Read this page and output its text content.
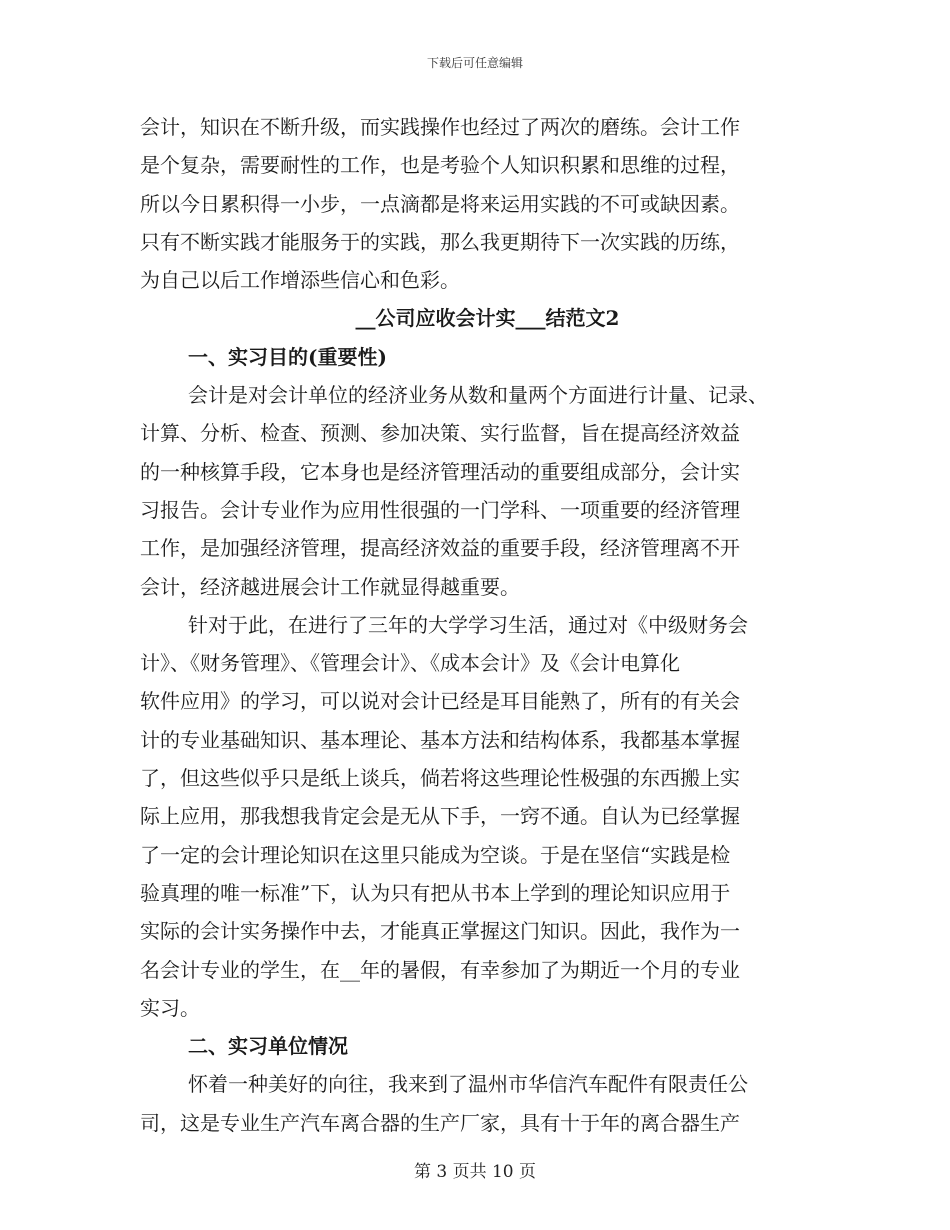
下载后可任意编辑
会计，知识在不断升级，而实践操作也经过了两次的磨练。会计工作
是个复杂，需要耐性的工作，也是考验个人知识积累和思维的过程，
所以今日累积得一小步，一点滴都是将来运用实践的不可或缺因素。
只有不断实践才能服务于的实践，那么我更期待下一次实践的历练，
为自己以后工作增添些信心和色彩。
__公司应收会计实___结范文2
一、实习目的(重要性)
会计是对会计单位的经济业务从数和量两个方面进行计量、记录、
计算、分析、检查、预测、参加决策、实行监督，旨在提高经济效益
的一种核算手段，它本身也是经济管理活动的重要组成部分，会计实
习报告。会计专业作为应用性很强的一门学科、一项重要的经济管理
工作，是加强经济管理，提高经济效益的重要手段，经济管理离不开
会计，经济越进展会计工作就显得越重要。
针对于此，在进行了三年的大学学习生活，通过对《中级财务会
计》、《财务管理》、《管理会计》、《成本会计》及《会计电算化
软件应用》的学习，可以说对会计已经是耳目能熟了，所有的有关会
计的专业基础知识、基本理论、基本方法和结构体系，我都基本掌握
了，但这些似乎只是纸上谈兵，倘若将这些理论性极强的东西搬上实
际上应用，那我想我肯定会是无从下手，一窍不通。自认为已经掌握
了一定的会计理论知识在这里只能成为空谈。于是在坚信“实践是检
验真理的唯一标准”下，认为只有把从书本上学到的理论知识应用于
实际的会计实务操作中去，才能真正掌握这门知识。因此，我作为一
名会计专业的学生，在__年的暑假，有幸参加了为期近一个月的专业
实习。
二、实习单位情况
怀着一种美好的向往，我来到了温州市华信汽车配件有限责任公
司，这是专业生产汽车离合器的生产厂家，具有十于年的离合器生产
第 3 页共 10 页
